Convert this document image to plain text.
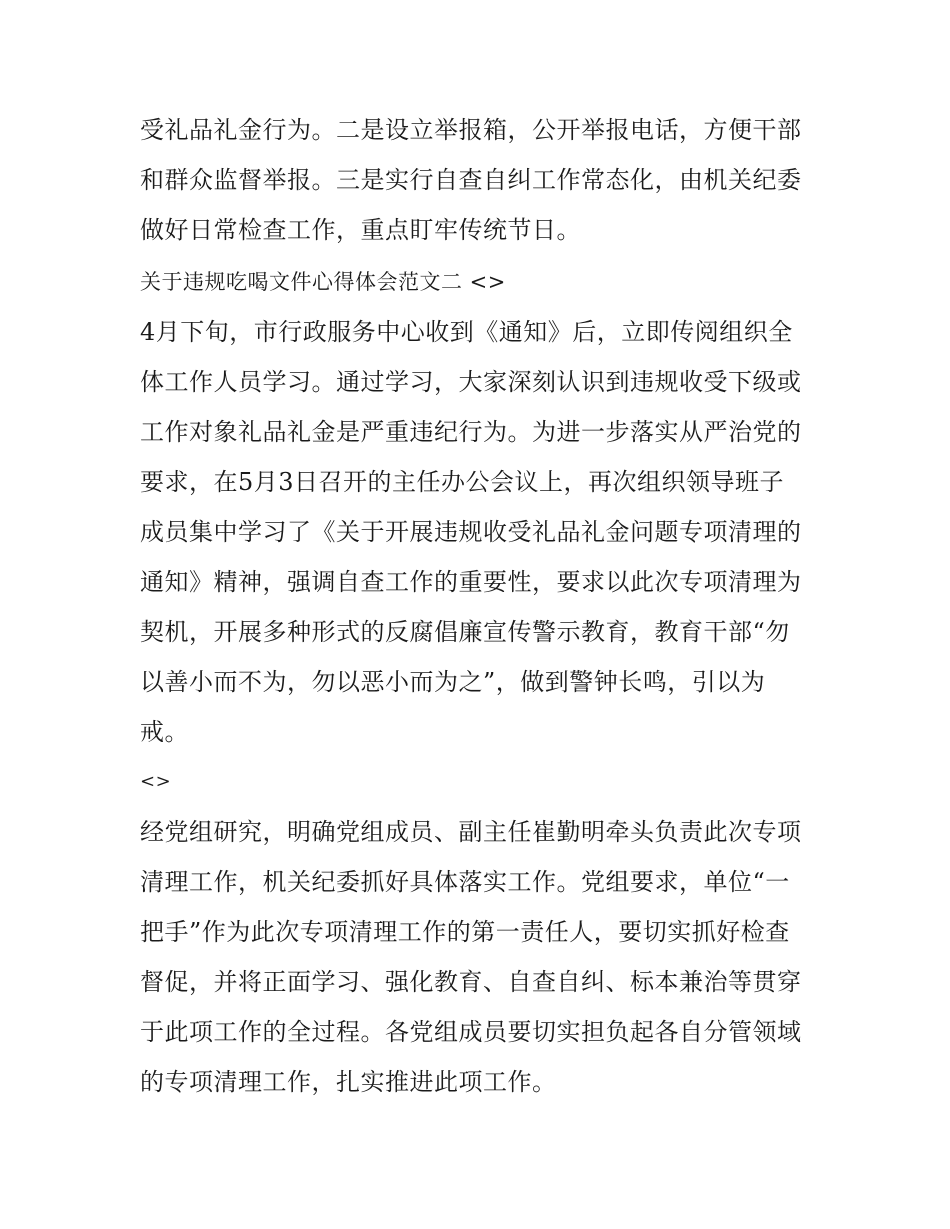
受礼品礼金行为。二是设立举报箱，公开举报电话，方便干部
和群众监督举报。三是实行自查自纠工作常态化，由机关纪委
做好日常检查工作，重点盯牢传统节日。
关于违规吃喝文件心得体会范文二 <>
4月下旬，市行政服务中心收到《通知》后，立即传阅组织全
体工作人员学习。通过学习，大家深刻认识到违规收受下级或
工作对象礼品礼金是严重违纪行为。为进一步落实从严治党的
要求，在5月3日召开的主任办公会议上，再次组织领导班子
成员集中学习了《关于开展违规收受礼品礼金问题专项清理的
通知》精神，强调自查工作的重要性，要求以此次专项清理为
契机，开展多种形式的反腐倡廉宣传警示教育，教育干部“勿
以善小而不为，勿以恶小而为之”，做到警钟长鸣，引以为
戒。
<>
经党组研究，明确党组成员、副主任崔勤明牵头负责此次专项
清理工作，机关纪委抓好具体落实工作。党组要求，单位“一
把手”作为此次专项清理工作的第一责任人，要切实抓好检查
督促，并将正面学习、强化教育、自查自纠、标本兼治等贯穿
于此项工作的全过程。各党组成员要切实担负起各自分管领域
的专项清理工作，扎实推进此项工作。
